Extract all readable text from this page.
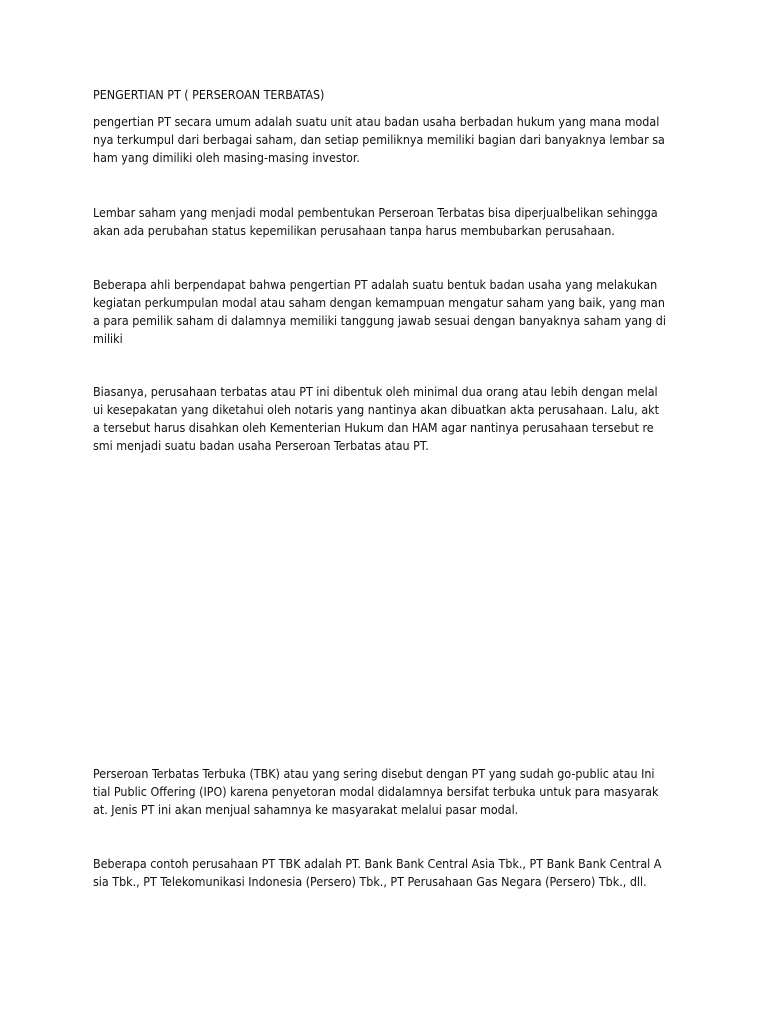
PENGERTIAN PT ( PERSEROAN TERBATAS)

pengertian PT secara umum adalah suatu unit atau badan usaha berbadan hukum yang mana modal
nya terkumpul dari berbagai saham, dan setiap pemiliknya memiliki bagian dari banyaknya lembar sa
ham yang dimiliki oleh masing-masing investor.

Lembar saham yang menjadi modal pembentukan Perseroan Terbatas bisa diperjualbelikan sehingga
akan ada perubahan status kepemilikan perusahaan tanpa harus membubarkan perusahaan.

Beberapa ahli berpendapat bahwa pengertian PT adalah suatu bentuk badan usaha yang melakukan
kegiatan perkumpulan modal atau saham dengan kemampuan mengatur saham yang baik, yang man
a para pemilik saham di dalamnya memiliki tanggung jawab sesuai dengan banyaknya saham yang di
miliki

Biasanya, perusahaan terbatas atau PT ini dibentuk oleh minimal dua orang atau lebih dengan melal
ui kesepakatan yang diketahui oleh notaris yang nantinya akan dibuatkan akta perusahaan. Lalu, akt
a tersebut harus disahkan oleh Kementerian Hukum dan HAM agar nantinya perusahaan tersebut re
smi menjadi suatu badan usaha Perseroan Terbatas atau PT.

Perseroan Terbatas Terbuka (TBK) atau yang sering disebut dengan PT yang sudah go-public atau Ini
tial Public Offering (IPO) karena penyetoran modal didalamnya bersifat terbuka untuk para masyarak
at. Jenis PT ini akan menjual sahamnya ke masyarakat melalui pasar modal.

Beberapa contoh perusahaan PT TBK adalah PT. Bank Bank Central Asia Tbk., PT Bank Bank Central A
sia Tbk., PT Telekomunikasi Indonesia (Persero) Tbk., PT Perusahaan Gas Negara (Persero) Tbk., dll.
